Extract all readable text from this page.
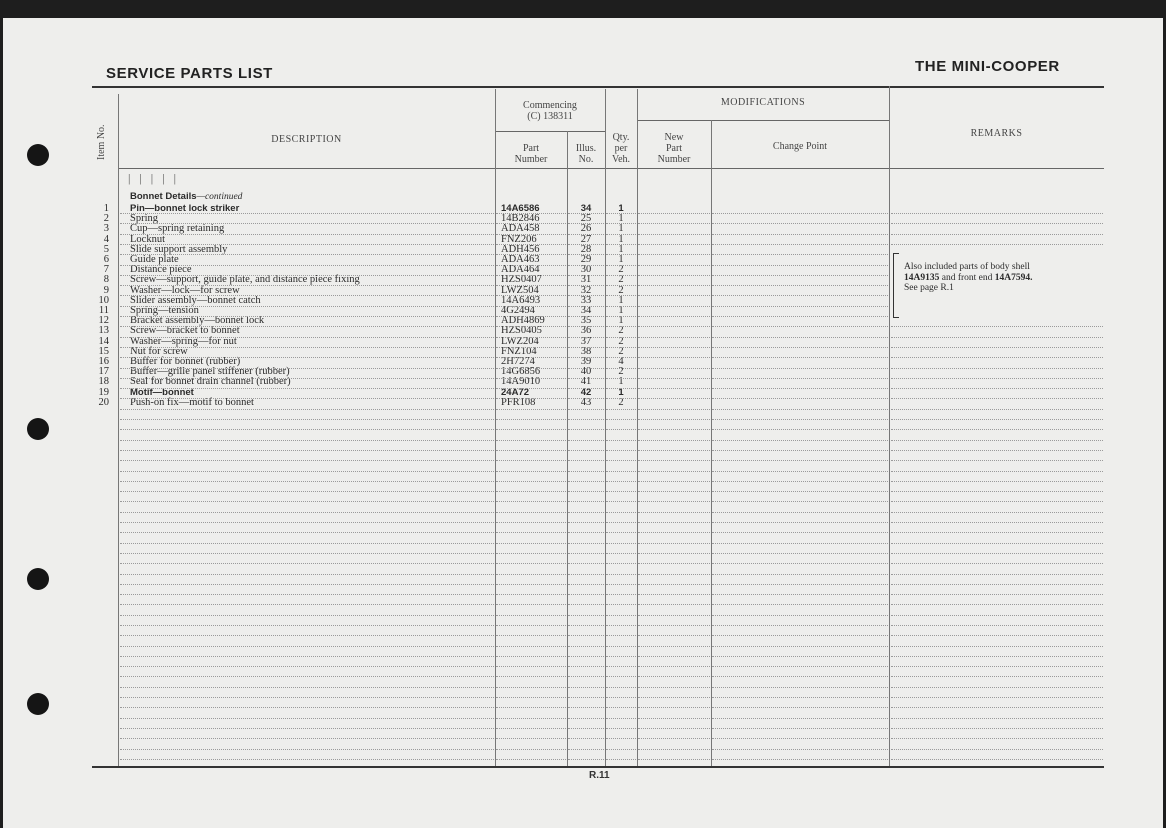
SERVICE PARTS LIST	THE MINI-COOPER
Item No.	DESCRIPTION
Commencing
(C) 138311
Part
Number
Illus.
No.
Qty.
per
Veh.
MODIFICATIONS
New
Part
Number
Change Point
REMARKS
| | | | |
Bonnet Details—continued
1 Pin—bonnet lock striker	14A6586	34	1
2 Spring	14B2846	25	1
3 Cup—spring retaining	ADA458	26	1
4 Locknut	FNZ206	27	1
5 Slide support assembly	ADH456	28	1
6 Guide plate	ADA463	29	1
7 Distance piece	ADA464	30	2
8 Screw—support, guide plate, and distance piece fixing	HZS0407	31	2
9 Washer—lock—for screw	LWZ504	32	2
10 Slider assembly—bonnet catch	14A6493	33	1
11 Spring—tension	4G2494	34	1
12 Bracket assembly—bonnet lock	ADH4869	35	1
13 Screw—bracket to bonnet	HZS0405	36	2
14 Washer—spring—for nut	LWZ204	37	2
15 Nut for screw	FNZ104	38	2
16 Buffer for bonnet (rubber)	2H7274	39	4
17 Buffer—grille panel stiffener (rubber)	14G6856	40	2
18 Seal for bonnet drain channel (rubber)	14A9010	41	1
19 Motif—bonnet	24A72	42	1
20 Push-on fix—motif to bonnet	PFR108	43	2
Also included parts of body shell
14A9135 and front end 14A7594.
See page R.1
R.11
